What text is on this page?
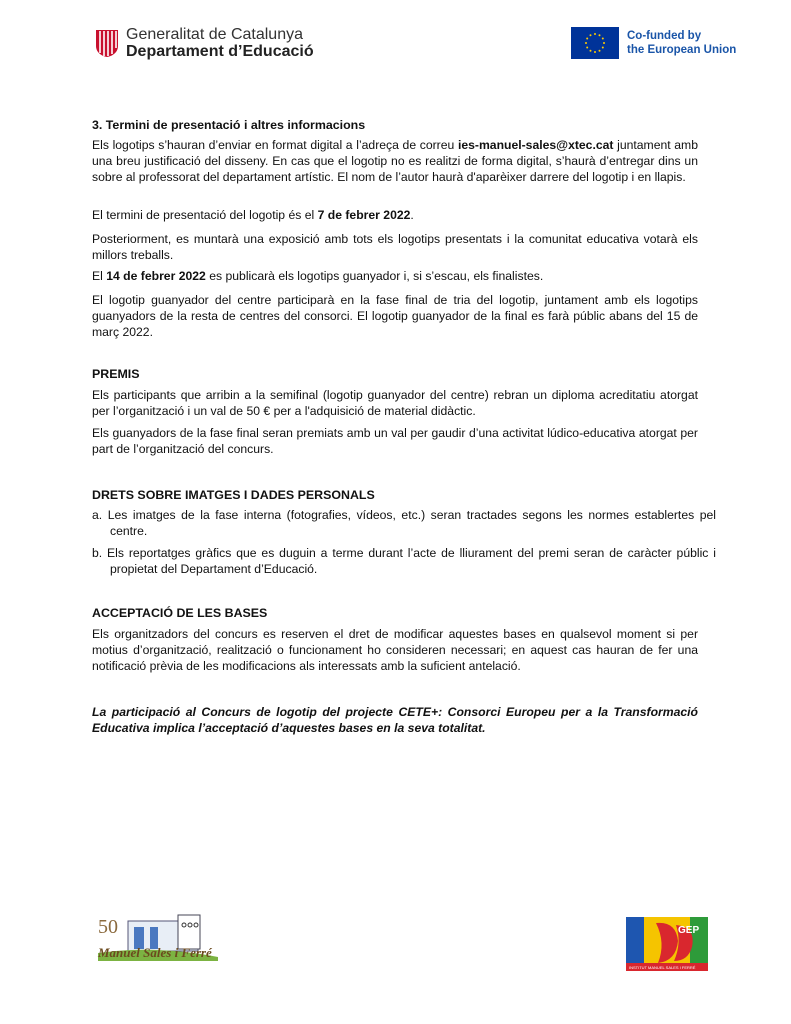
Generalitat de Catalunya
Departament d’Educació
Co-funded by
the European Union

3. Termini de presentació i altres informacions

Els logotips s’hauran d’enviar en format digital a l’adreça de correu ies-manuel-sales@xtec.cat juntament amb una breu justificació del disseny. En cas que el logotip no es realitzi de forma digital, s’haurà d’entregar dins un sobre al professorat del departament artístic. El nom de l’autor haurà d'aparèixer darrere del logotip i en llapis.

El termini de presentació del logotip és el 7 de febrer 2022.

Posteriorment, es muntarà una exposició amb tots els logotips presentats i la comunitat educativa votarà els millors treballs.

El 14 de febrer 2022 es publicarà els logotips guanyador i, si s’escau, els finalistes.

El logotip guanyador del centre participarà en la fase final de tria del logotip, juntament amb els logotips guanyadors de la resta de centres del consorci. El logotip guanyador de la final es farà públic abans del 15 de març 2022.

PREMIS

Els participants que arribin a la semifinal (logotip guanyador del centre) rebran un diploma acreditatiu atorgat per l’organització i un val de 50 € per a l'adquisició de material didàctic.

Els guanyadors de la fase final seran premiats amb un val per gaudir d’una activitat lúdico-educativa atorgat per part de l’organització del concurs.

DRETS SOBRE IMATGES I DADES PERSONALS

a. Les imatges de la fase interna (fotografies, vídeos, etc.) seran tractades segons les normes establertes pel centre.

b. Els reportatges gràfics que es duguin a terme durant l’acte de lliurament del premi seran de caràcter públic i propietat del Departament d’Educació.

ACCEPTACIÓ DE LES BASES

Els organitzadors del concurs es reserven el dret de modificar aquestes bases en qualsevol moment si per motius d’organització, realització o funcionament ho consideren necessari; en aquest cas hauran de fer una notificació prèvia de les modificacions als interessats amb la suficient antelació.

La participació al Concurs de logotip del projecte CETE+: Consorci Europeu per a la Transformació Educativa implica l’acceptació d’aquestes bases en la seva totalitat.

50
Manuel Sales i Ferré
GEP
INSTITUT MANUEL SALES I FERRÉ
